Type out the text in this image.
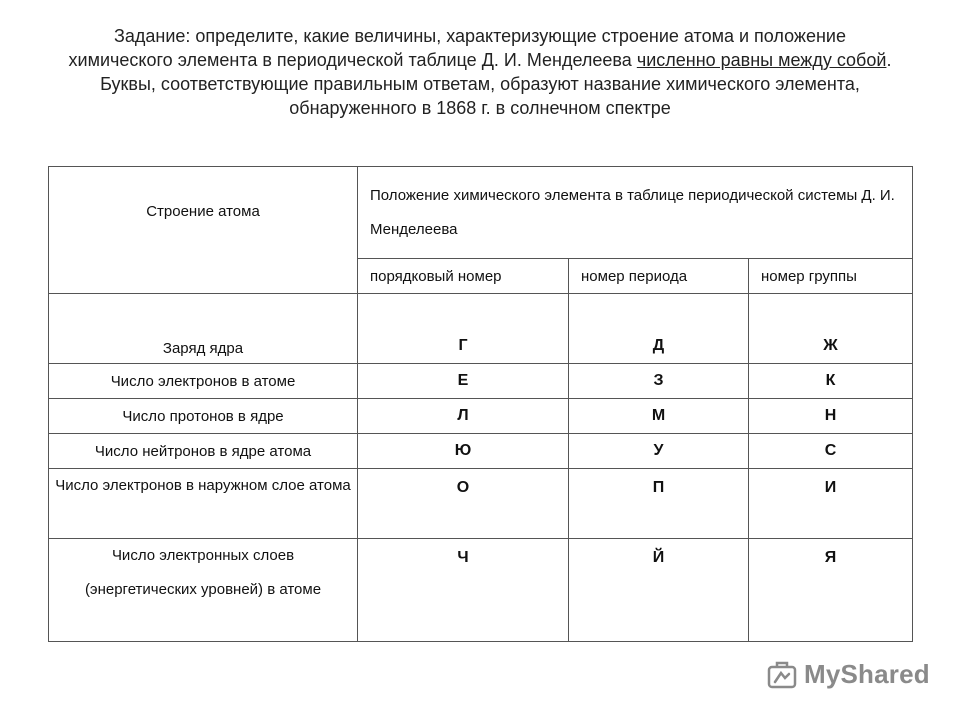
Задание: определите, какие величины, характеризующие строение атома и положение химического элемента в периодической таблице Д. И. Менделеева численно равны между собой. Буквы, соответствующие правильным ответам, образуют название химического элемента, обнаруженного в 1868 г. в солнечном спектре
Строение атома	Положение химического элемента в таблице периодической системы Д. И. Менделеева		
	порядковый номер	номер периода	номер группы
Заряд ядра	Г	Д	Ж
Число электронов в атоме	Е	З	К
Число протонов в ядре	Л	М	Н
Число нейтронов в ядре атома	Ю	У	С
Число электронов в наружном слое атома	О	П	И
Число электронных слоев (энергетических уровней) в атоме	Ч	Й	Я
MyShared
